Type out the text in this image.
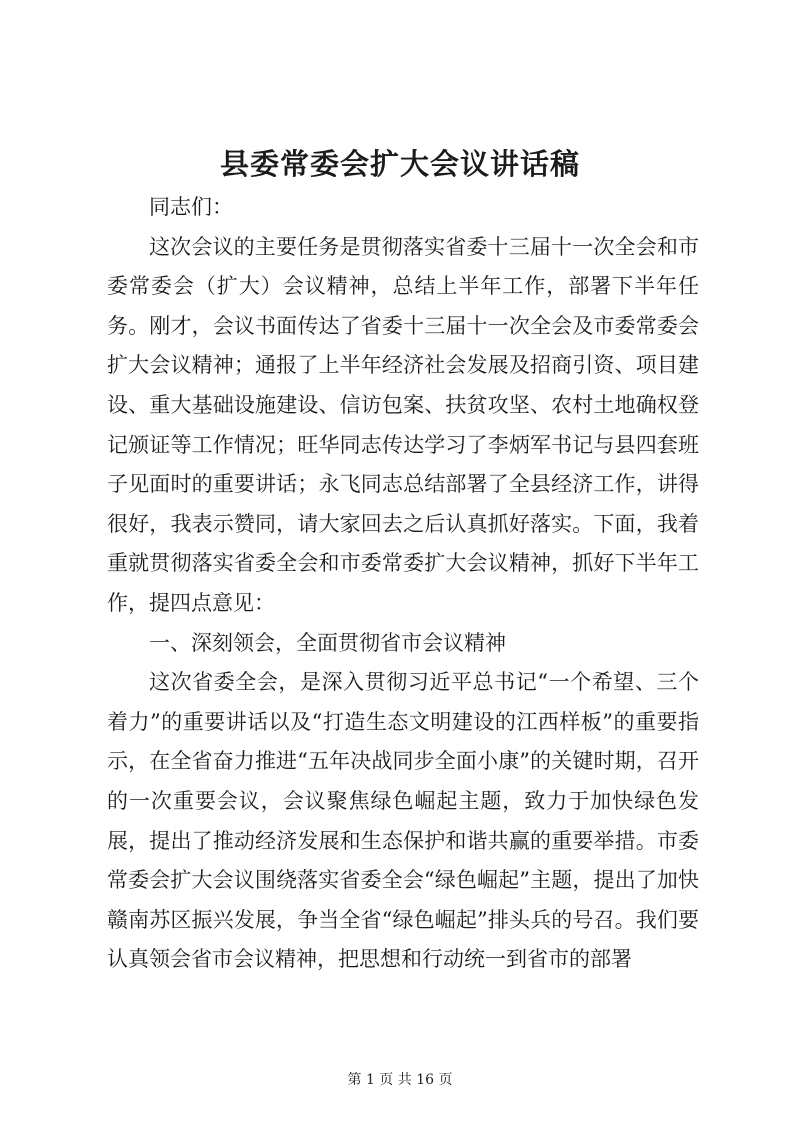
县委常委会扩大会议讲话稿

同志们：

这次会议的主要任务是贯彻落实省委十三届十一次全会和市委常委会（扩大）会议精神，总结上半年工作，部署下半年任务。刚才，会议书面传达了省委十三届十一次全会及市委常委会扩大会议精神；通报了上半年经济社会发展及招商引资、项目建设、重大基础设施建设、信访包案、扶贫攻坚、农村土地确权登记颁证等工作情况；旺华同志传达学习了李炳军书记与县四套班子见面时的重要讲话；永飞同志总结部署了全县经济工作，讲得很好，我表示赞同，请大家回去之后认真抓好落实。下面，我着重就贯彻落实省委全会和市委常委扩大会议精神，抓好下半年工作，提四点意见：

一、深刻领会，全面贯彻省市会议精神

这次省委全会，是深入贯彻习近平总书记“一个希望、三个着力”的重要讲话以及“打造生态文明建设的江西样板”的重要指示，在全省奋力推进“五年决战同步全面小康”的关键时期，召开的一次重要会议，会议聚焦绿色崛起主题，致力于加快绿色发展，提出了推动经济发展和生态保护和谐共赢的重要举措。市委常委会扩大会议围绕落实省委全会“绿色崛起”主题，提出了加快赣南苏区振兴发展，争当全省“绿色崛起”排头兵的号召。我们要认真领会省市会议精神，把思想和行动统一到省市的部署

第 1 页 共 16 页
